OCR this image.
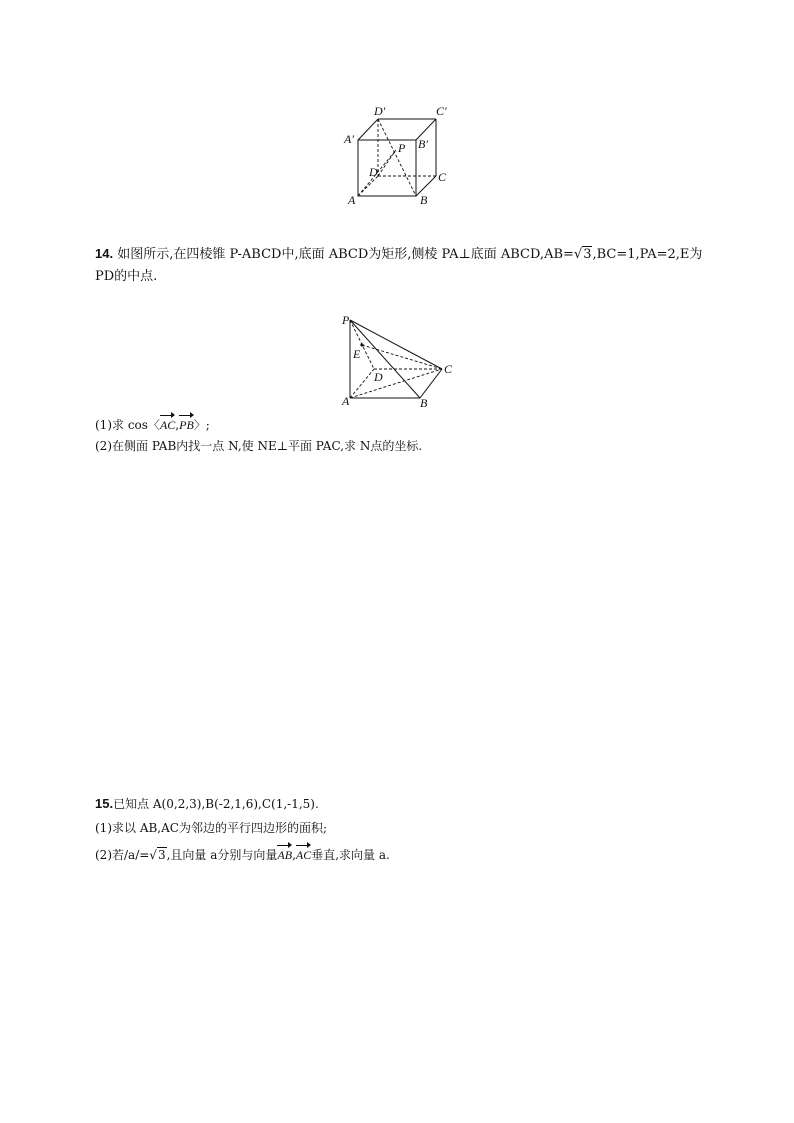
D′	C′
A′	B′
P
D	C
A	B
14. 如图所示,在四棱锥 P-ABCD中,底面 ABCD为矩形,侧棱 PA⊥底面 ABCD,AB=√3,BC=1,PA=2,E为
PD的中点.
P
E
D
C
A	B
(1)求 cos〈AC,PB〉;
(2)在侧面 PAB内找一点 N,使 NE⊥平面 PAC,求 N点的坐标.
15.已知点 A(0,2,3),B(-2,1,6),C(1,-1,5).
(1)求以 AB,AC为邻边的平行四边形的面积;
(2)若/a/=√3,且向量 a分别与向量AB,AC垂直,求向量 a.
